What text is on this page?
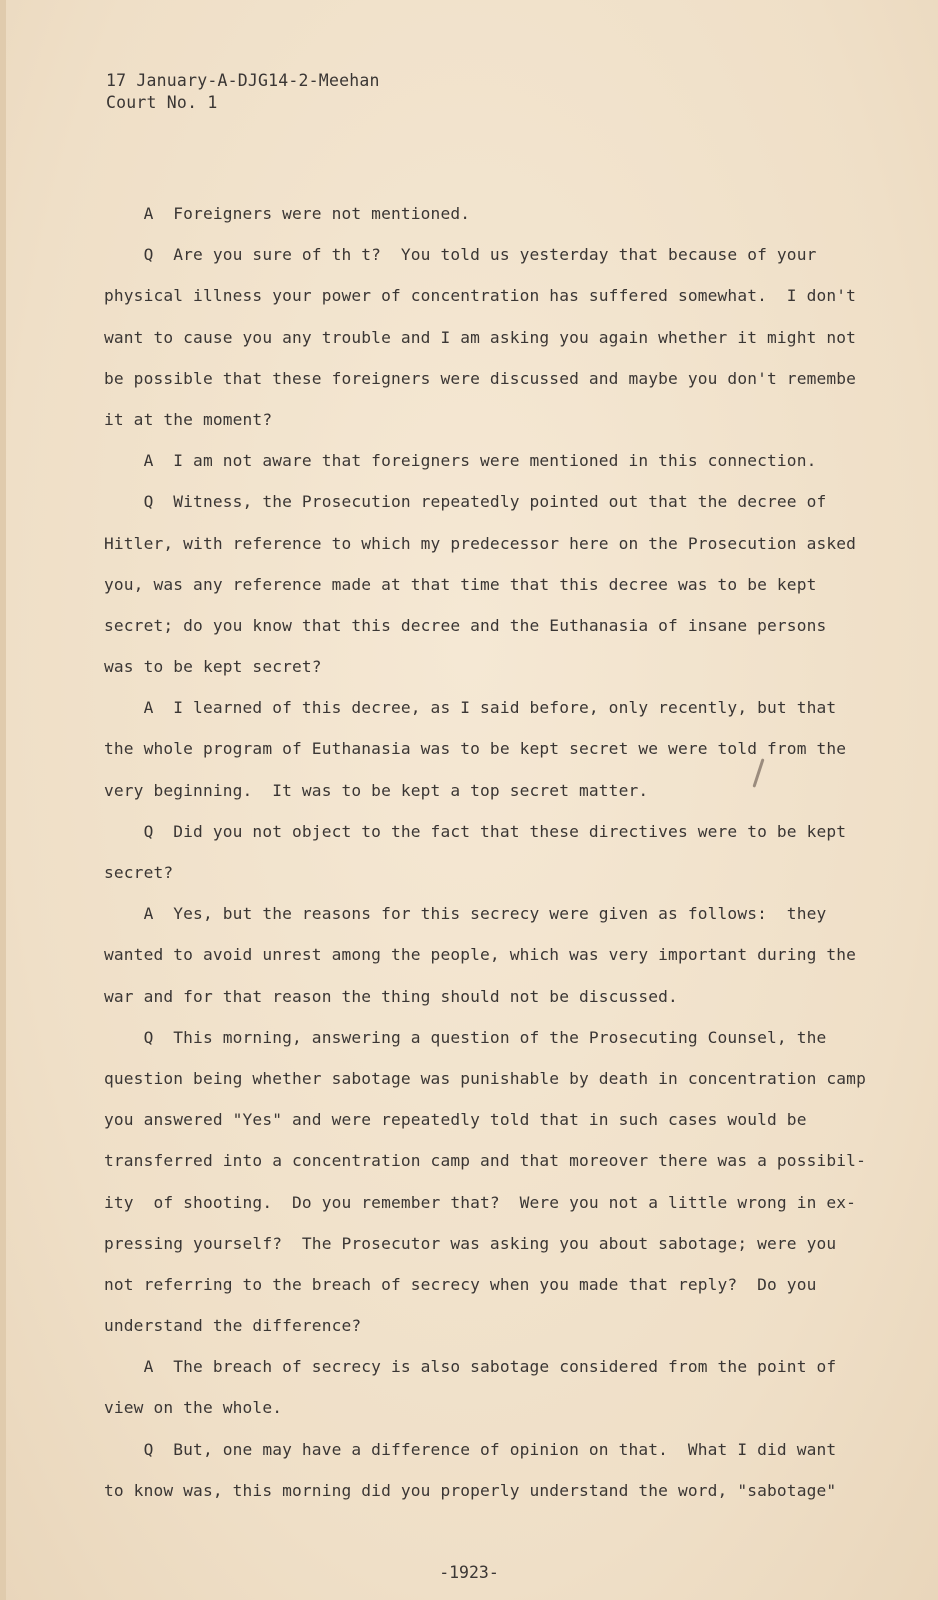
17 January-A-DJG14-2-Meehan
Court No. 1
A  Foreigners were not mentioned.
Q  Are you sure of th t?  You told us yesterday that because of your
physical illness your power of concentration has suffered somewhat.  I don't
want to cause you any trouble and I am asking you again whether it might not
be possible that these foreigners were discussed and maybe you don't remembe
it at the moment?
A  I am not aware that foreigners were mentioned in this connection.
Q  Witness, the Prosecution repeatedly pointed out that the decree of
Hitler, with reference to which my predecessor here on the Prosecution asked
you, was any reference made at that time that this decree was to be kept
secret; do you know that this decree and the Euthanasia of insane persons
was to be kept secret?
A  I learned of this decree, as I said before, only recently, but that
the whole program of Euthanasia was to be kept secret we were told from the
very beginning.  It was to be kept a top secret matter.
Q  Did you not object to the fact that these directives were to be kept
secret?
A  Yes, but the reasons for this secrecy were given as follows:  they
wanted to avoid unrest among the people, which was very important during the
war and for that reason the thing should not be discussed.
Q  This morning, answering a question of the Prosecuting Counsel, the
question being whether sabotage was punishable by death in concentration camp
you answered "Yes" and were repeatedly told that in such cases would be
transferred into a concentration camp and that moreover there was a possibil-
ity  of shooting.  Do you remember that?  Were you not a little wrong in ex-
pressing yourself?  The Prosecutor was asking you about sabotage; were you
not referring to the breach of secrecy when you made that reply?  Do you
understand the difference?
A  The breach of secrecy is also sabotage considered from the point of
view on the whole.
Q  But, one may have a difference of opinion on that.  What I did want
to know was, this morning did you properly understand the word, "sabotage"
-1923-
